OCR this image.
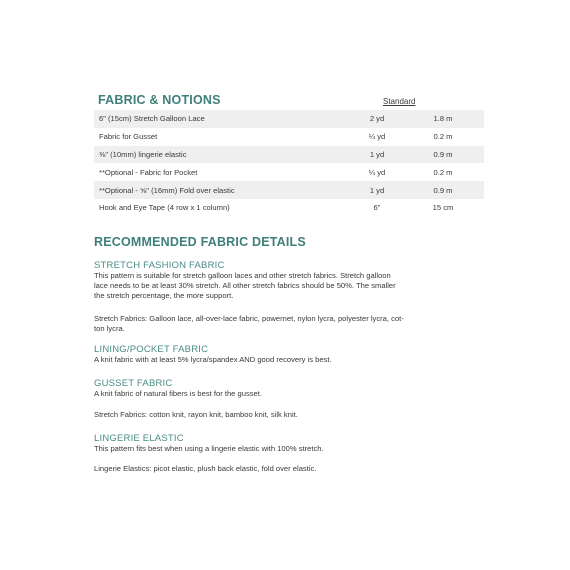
FABRIC & NOTIONS	Standard
6" (15cm) Stretch Galloon Lace	2 yd	1.8 m
Fabric for Gusset	¼ yd	0.2 m
⅜" (10mm) lingerie elastic	1 yd	0.9 m
**Optional - Fabric for Pocket	¼ yd	0.2 m
**Optional - ⅝" (16mm) Fold over elastic	1 yd	0.9 m
Hook and Eye Tape (4 row x 1 column)	6"	15 cm
RECOMMENDED FABRIC DETAILS
STRETCH FASHION FABRIC

This pattern is suitable for stretch galloon laces and other stretch fabrics. Stretch galloon

lace needs to be at least 30% stretch. All other stretch fabrics should be 50%. The smaller

the stretch percentage, the more support.

Stretch Fabrics: Galloon lace, all-over-lace fabric, powernet, nylon lycra, polyester lycra, cot-

ton lycra.

LINING/POCKET FABRIC

A knit fabric with at least 5% lycra/spandex AND good recovery is best.

GUSSET FABRIC

A knit fabric of natural fibers is best for the gusset.

Stretch Fabrics: cotton knit, rayon knit, bamboo knit, silk knit.

LINGERIE ELASTIC

This pattern fits best when using a lingerie elastic with 100% stretch.

Lingerie Elastics: picot elastic, plush back elastic, fold over elastic.
